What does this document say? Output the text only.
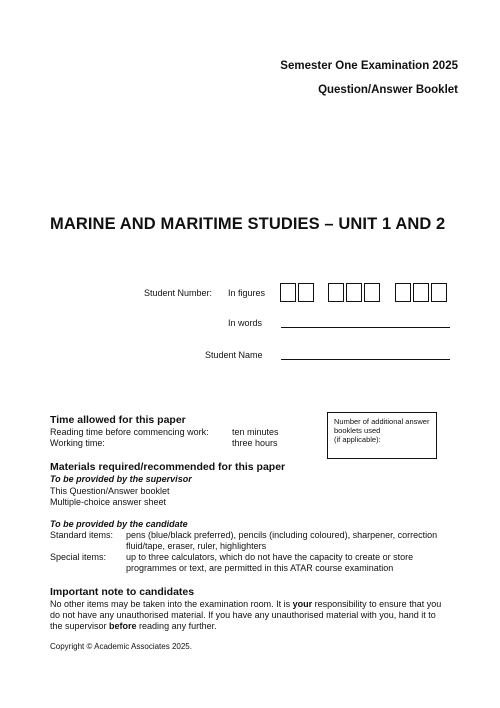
Semester One Examination 2025
Question/Answer Booklet
MARINE AND MARITIME STUDIES – UNIT 1 AND 2
Student Number: In figures
In words
Student Name
Number of additional answer
booklets used
(if applicable):
Time allowed for this paper
Reading time before commencing work:	ten minutes
Working time:	three hours
Materials required/recommended for this paper
To be provided by the supervisor
This Question/Answer booklet
Multiple-choice answer sheet
To be provided by the candidate
Standard items: pens (blue/black preferred), pencils (including coloured), sharpener, correction
fluid/tape, eraser, ruler, highlighters
Special items: up to three calculators, which do not have the capacity to create or store
programmes or text, are permitted in this ATAR course examination
Important note to candidates
No other items may be taken into the examination room. It is your responsibility to ensure that you
do not have any unauthorised material. If you have any unauthorised material with you, hand it to
the supervisor before reading any further.
Copyright © Academic Associates 2025.
